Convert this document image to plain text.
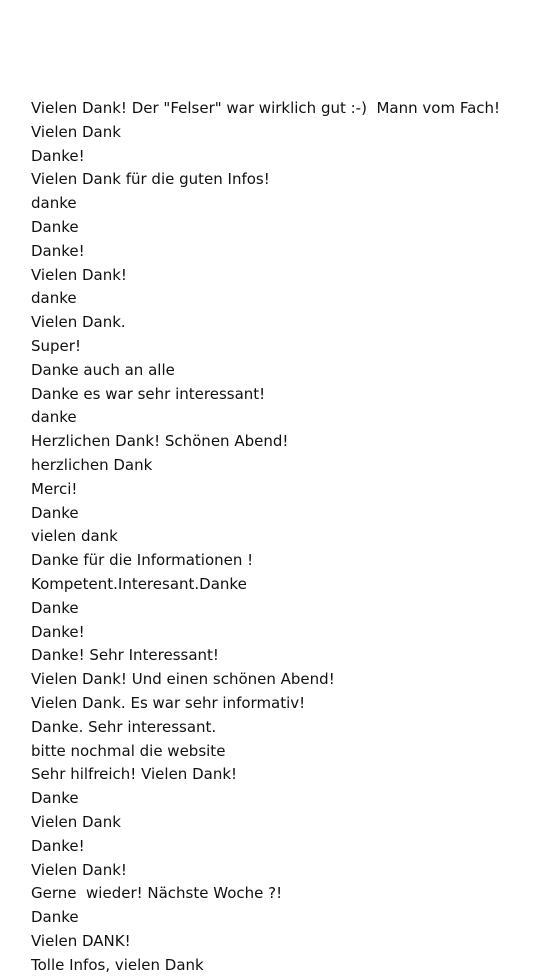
Vielen Dank! Der "Felser" war wirklich gut :-)  Mann vom Fach!
Vielen Dank
Danke!
Vielen Dank für die guten Infos!
danke
Danke
Danke!
Vielen Dank!
danke
Vielen Dank.
Super!
Danke auch an alle
Danke es war sehr interessant!
danke
Herzlichen Dank! Schönen Abend!
herzlichen Dank
Merci!
Danke
vielen dank
Danke für die Informationen !
Kompetent.Interesant.Danke
Danke
Danke!
Danke! Sehr Interessant!
Vielen Dank! Und einen schönen Abend!
Vielen Dank. Es war sehr informativ!
Danke. Sehr interessant.
bitte nochmal die website
Sehr hilfreich! Vielen Dank!
Danke
Vielen Dank
Danke!
Vielen Dank!
Gerne  wieder! Nächste Woche ?!
Danke
Vielen DANK!
Tolle Infos, vielen Dank
